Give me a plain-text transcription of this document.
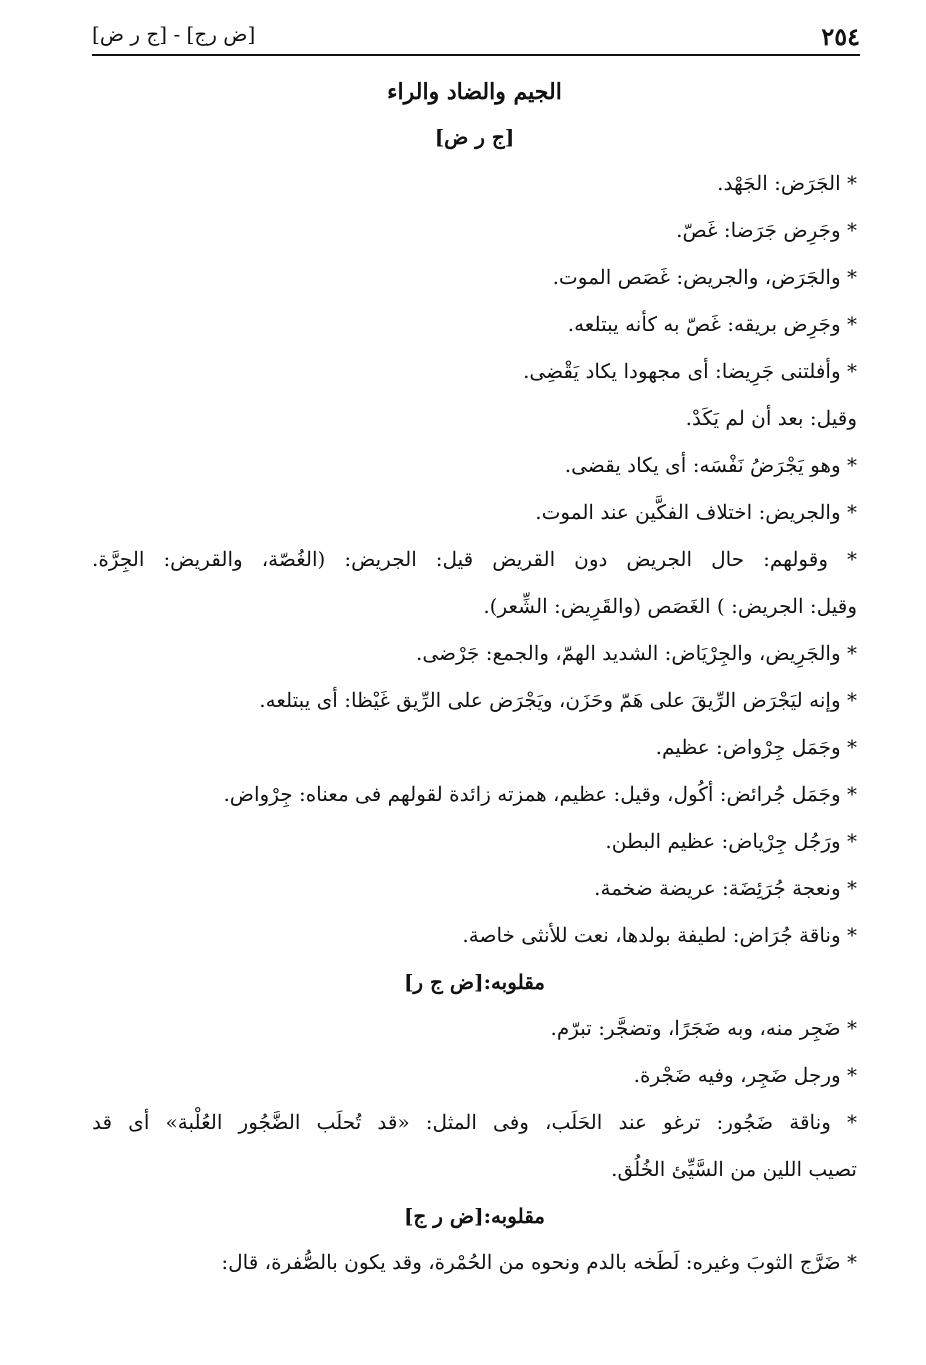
[ج ر ض] - [ض رج]	٢٥٤
الجيم والضاد والراء
[ج ر ض]
* الجَرَض: الجَهْد.
* وجَرِض جَرَضا: غَصّ.
* والجَرَض، والجريض: غَصَص الموت.
* وجَرِض بريقه: غَصّ به كأنه يبتلعه.
* وأفلتنى جَرِيضا: أى مجهودا يكاد يَقْضِى.
وقيل: بعد أن لم يَكَدْ.
* وهو يَجْرَضُ نَفْسَه: أى يكاد يقضى.
* والجريض: اختلاف الفكَّين عند الموت.
* وقولهم: حال الجريض دون القريض قيل: الجريض: (الغُصّة، والقريض: الجِرَّة.
وقيل: الجريض: ) الغَصَص (والقَرِيض: الشِّعر).
* والجَرِيض، والجِرْيَاض: الشديد الهمّ، والجمع: جَرْضى.
* وإنه ليَجْرَض الرِّيقَ على هَمّ وحَزَن، ويَجْرَض على الرِّيق غَيْظا: أى يبتلعه.
* وجَمَل جِرْواض: عظيم.
* وجَمَل جُرائض: أكُول، وقيل: عظيم، همزته زائدة لقولهم فى معناه: جِرْواض.
* ورَجُل جِرْياض: عظيم البطن.
* ونعجة جُرَئِضَة: عريضة ضخمة.
* وناقة جُرَاض: لطيفة بولدها، نعت للأنثى خاصة.
مقلوبه:[ض ج ر]
* ضَجِر منه، وبه ضَجَرًا، وتضجَّر: تبرّم.
* ورجل ضَجِر، وفيه ضَجْرة.
* وناقة ضَجُور: ترغو عند الحَلَب، وفى المثل: «قد تُحلَب الضَّجُور العُلْبة» أى قد
تصيب اللين من السَّيِّئ الخُلُق.
مقلوبه:[ض ر ج]
* ضَرَّج الثوبَ وغيره: لَطَخه بالدم ونحوه من الحُمْرة، وقد يكون بالصُّفرة، قال:
